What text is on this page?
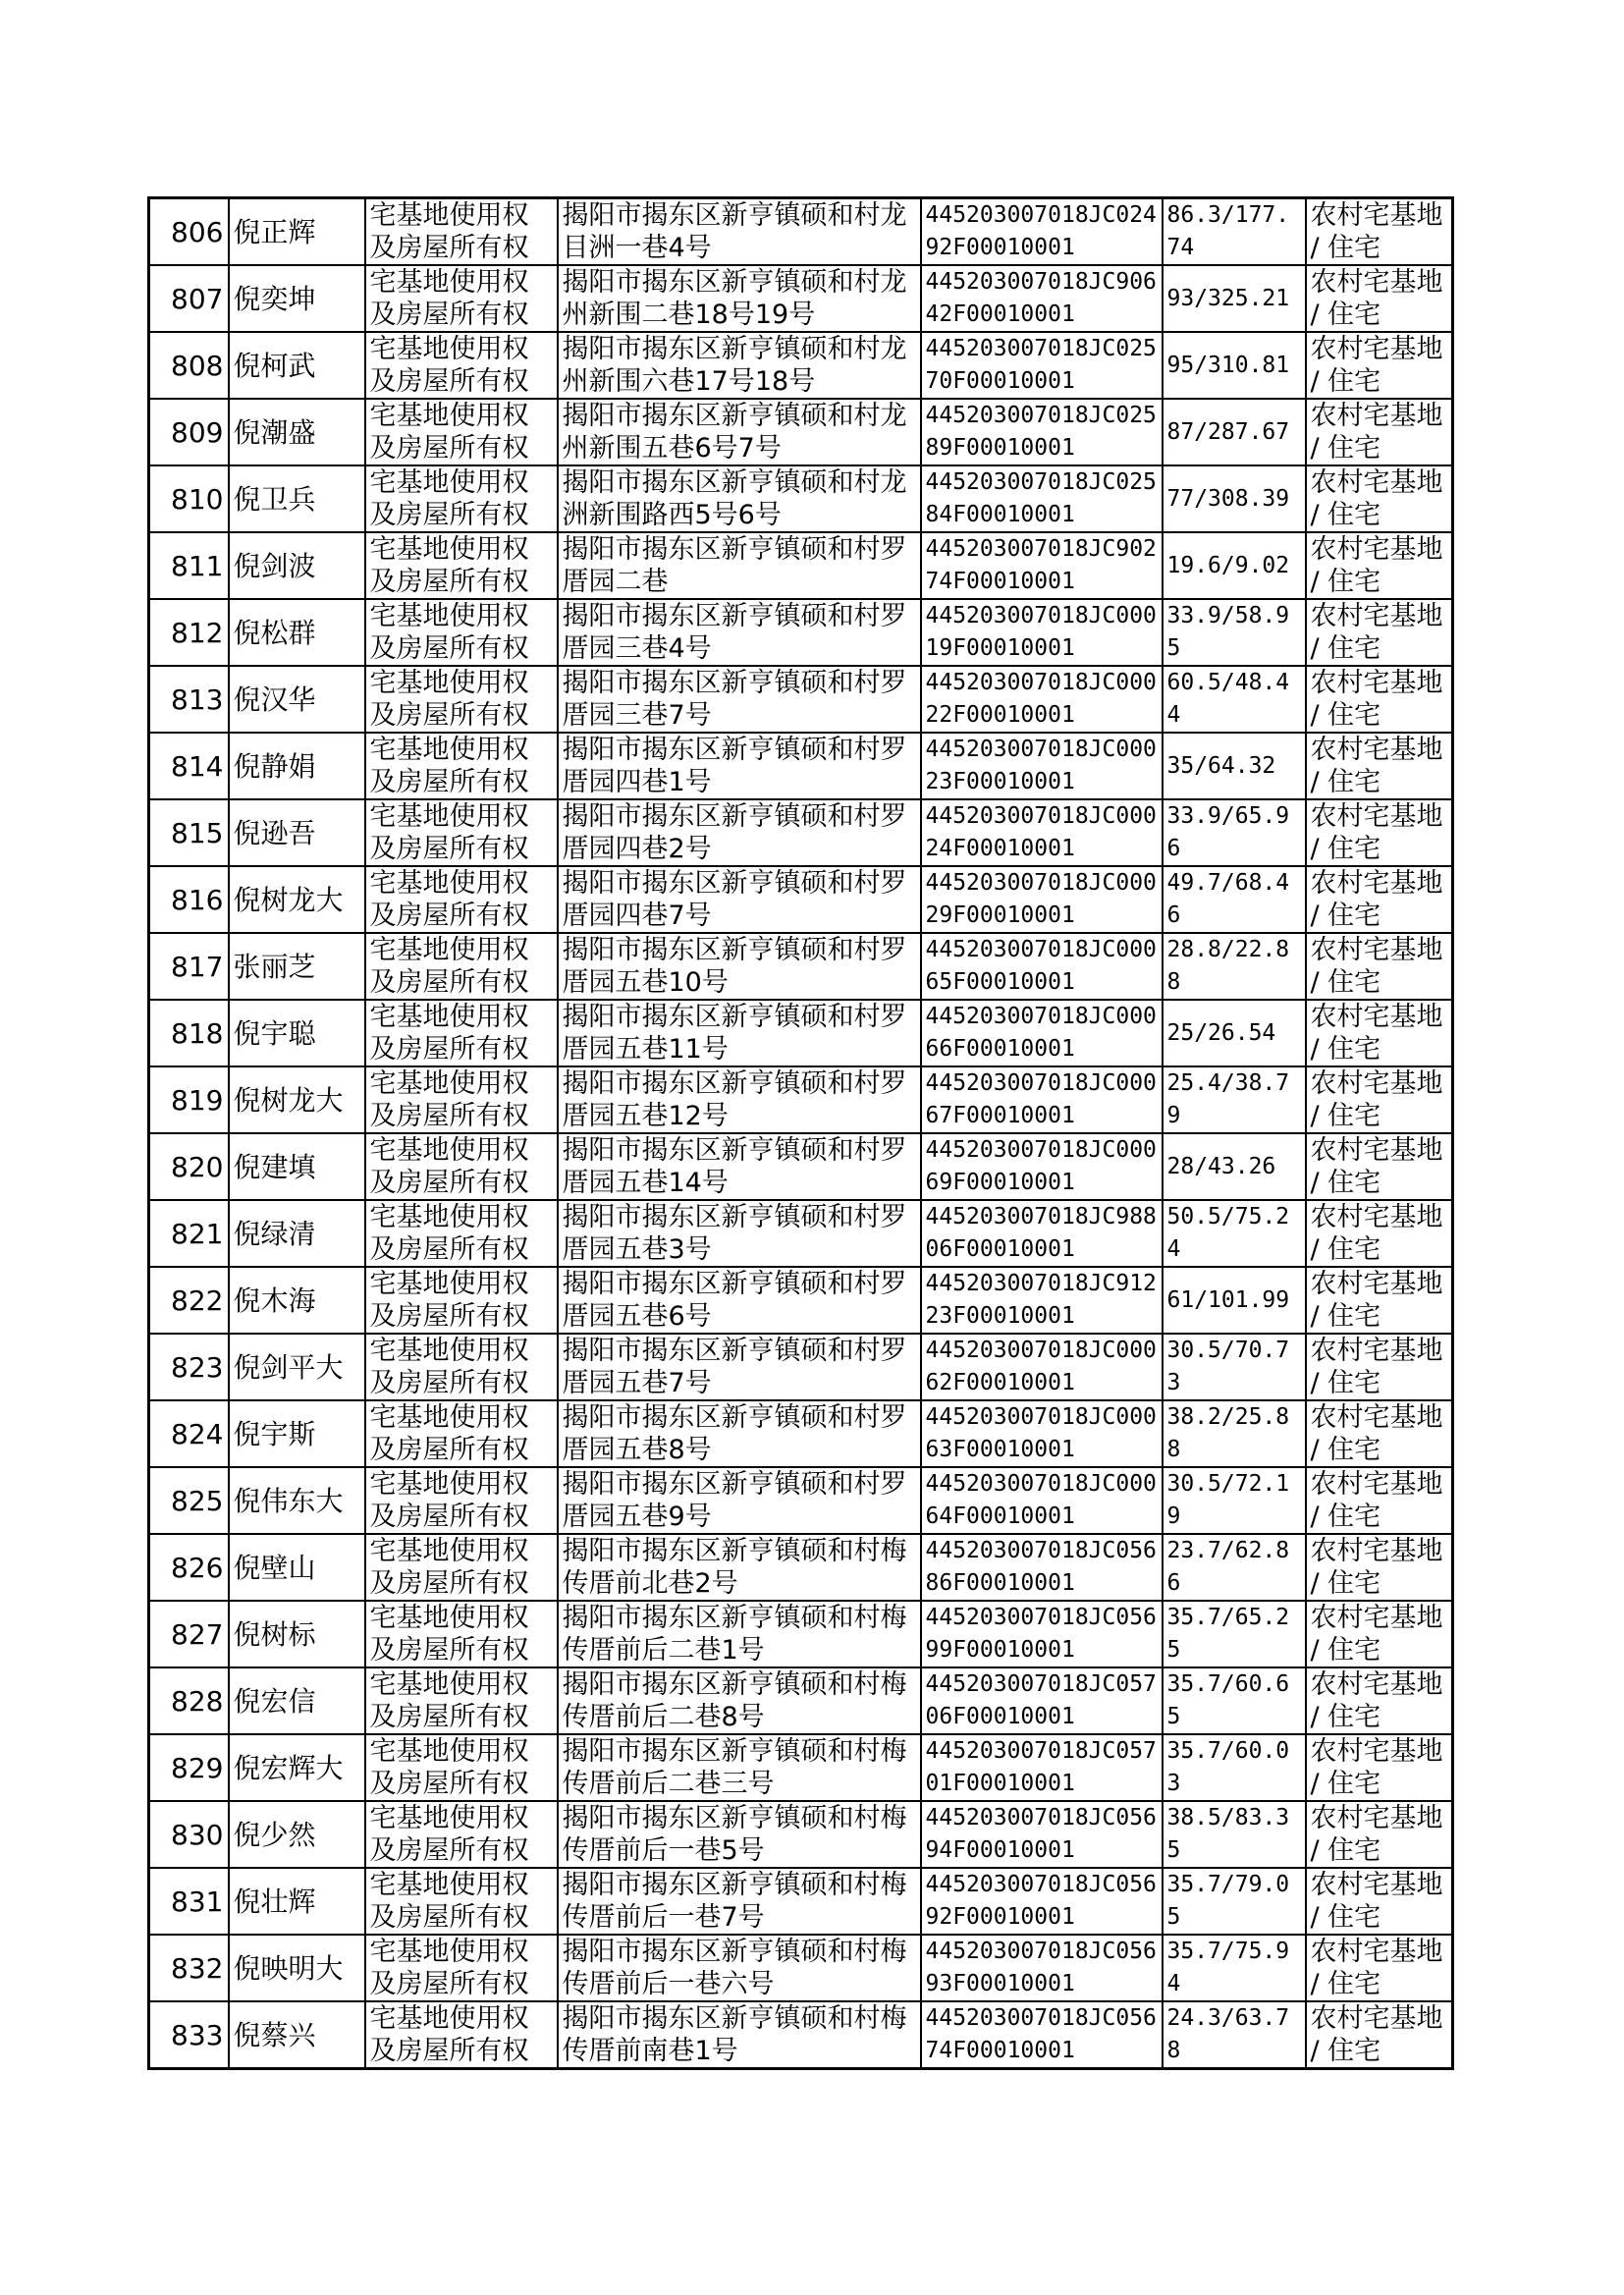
806	倪正辉	宅基地使用权及房屋所有权	揭阳市揭东区新亨镇硕和村龙目洲一巷4号	445203007018JC02492F00010001	86.3/177.74	农村宅基地 / 住宅
807	倪奕坤	宅基地使用权及房屋所有权	揭阳市揭东区新亨镇硕和村龙州新围二巷18号19号	445203007018JC90642F00010001	93/325.21	农村宅基地 / 住宅
808	倪柯武	宅基地使用权及房屋所有权	揭阳市揭东区新亨镇硕和村龙州新围六巷17号18号	445203007018JC02570F00010001	95/310.81	农村宅基地 / 住宅
809	倪潮盛	宅基地使用权及房屋所有权	揭阳市揭东区新亨镇硕和村龙州新围五巷6号7号	445203007018JC02589F00010001	87/287.67	农村宅基地 / 住宅
810	倪卫兵	宅基地使用权及房屋所有权	揭阳市揭东区新亨镇硕和村龙洲新围路西5号6号	445203007018JC02584F00010001	77/308.39	农村宅基地 / 住宅
811	倪剑波	宅基地使用权及房屋所有权	揭阳市揭东区新亨镇硕和村罗厝园二巷	445203007018JC90274F00010001	19.6/9.02	农村宅基地 / 住宅
812	倪松群	宅基地使用权及房屋所有权	揭阳市揭东区新亨镇硕和村罗厝园三巷4号	445203007018JC00019F00010001	33.9/58.95	农村宅基地 / 住宅
813	倪汉华	宅基地使用权及房屋所有权	揭阳市揭东区新亨镇硕和村罗厝园三巷7号	445203007018JC00022F00010001	60.5/48.44	农村宅基地 / 住宅
814	倪静娟	宅基地使用权及房屋所有权	揭阳市揭东区新亨镇硕和村罗厝园四巷1号	445203007018JC00023F00010001	35/64.32	农村宅基地 / 住宅
815	倪逊吾	宅基地使用权及房屋所有权	揭阳市揭东区新亨镇硕和村罗厝园四巷2号	445203007018JC00024F00010001	33.9/65.96	农村宅基地 / 住宅
816	倪树龙大	宅基地使用权及房屋所有权	揭阳市揭东区新亨镇硕和村罗厝园四巷7号	445203007018JC00029F00010001	49.7/68.46	农村宅基地 / 住宅
817	张丽芝	宅基地使用权及房屋所有权	揭阳市揭东区新亨镇硕和村罗厝园五巷10号	445203007018JC00065F00010001	28.8/22.88	农村宅基地 / 住宅
818	倪宇聪	宅基地使用权及房屋所有权	揭阳市揭东区新亨镇硕和村罗厝园五巷11号	445203007018JC00066F00010001	25/26.54	农村宅基地 / 住宅
819	倪树龙大	宅基地使用权及房屋所有权	揭阳市揭东区新亨镇硕和村罗厝园五巷12号	445203007018JC00067F00010001	25.4/38.79	农村宅基地 / 住宅
820	倪建填	宅基地使用权及房屋所有权	揭阳市揭东区新亨镇硕和村罗厝园五巷14号	445203007018JC00069F00010001	28/43.26	农村宅基地 / 住宅
821	倪绿清	宅基地使用权及房屋所有权	揭阳市揭东区新亨镇硕和村罗厝园五巷3号	445203007018JC98806F00010001	50.5/75.24	农村宅基地 / 住宅
822	倪木海	宅基地使用权及房屋所有权	揭阳市揭东区新亨镇硕和村罗厝园五巷6号	445203007018JC91223F00010001	61/101.99	农村宅基地 / 住宅
823	倪剑平大	宅基地使用权及房屋所有权	揭阳市揭东区新亨镇硕和村罗厝园五巷7号	445203007018JC00062F00010001	30.5/70.73	农村宅基地 / 住宅
824	倪宇斯	宅基地使用权及房屋所有权	揭阳市揭东区新亨镇硕和村罗厝园五巷8号	445203007018JC00063F00010001	38.2/25.88	农村宅基地 / 住宅
825	倪伟东大	宅基地使用权及房屋所有权	揭阳市揭东区新亨镇硕和村罗厝园五巷9号	445203007018JC00064F00010001	30.5/72.19	农村宅基地 / 住宅
826	倪壁山	宅基地使用权及房屋所有权	揭阳市揭东区新亨镇硕和村梅传厝前北巷2号	445203007018JC05686F00010001	23.7/62.86	农村宅基地 / 住宅
827	倪树标	宅基地使用权及房屋所有权	揭阳市揭东区新亨镇硕和村梅传厝前后二巷1号	445203007018JC05699F00010001	35.7/65.25	农村宅基地 / 住宅
828	倪宏信	宅基地使用权及房屋所有权	揭阳市揭东区新亨镇硕和村梅传厝前后二巷8号	445203007018JC05706F00010001	35.7/60.65	农村宅基地 / 住宅
829	倪宏辉大	宅基地使用权及房屋所有权	揭阳市揭东区新亨镇硕和村梅传厝前后二巷三号	445203007018JC05701F00010001	35.7/60.03	农村宅基地 / 住宅
830	倪少然	宅基地使用权及房屋所有权	揭阳市揭东区新亨镇硕和村梅传厝前后一巷5号	445203007018JC05694F00010001	38.5/83.35	农村宅基地 / 住宅
831	倪壮辉	宅基地使用权及房屋所有权	揭阳市揭东区新亨镇硕和村梅传厝前后一巷7号	445203007018JC05692F00010001	35.7/79.05	农村宅基地 / 住宅
832	倪映明大	宅基地使用权及房屋所有权	揭阳市揭东区新亨镇硕和村梅传厝前后一巷六号	445203007018JC05693F00010001	35.7/75.94	农村宅基地 / 住宅
833	倪蔡兴	宅基地使用权及房屋所有权	揭阳市揭东区新亨镇硕和村梅传厝前南巷1号	445203007018JC05674F00010001	24.3/63.78	农村宅基地 / 住宅
